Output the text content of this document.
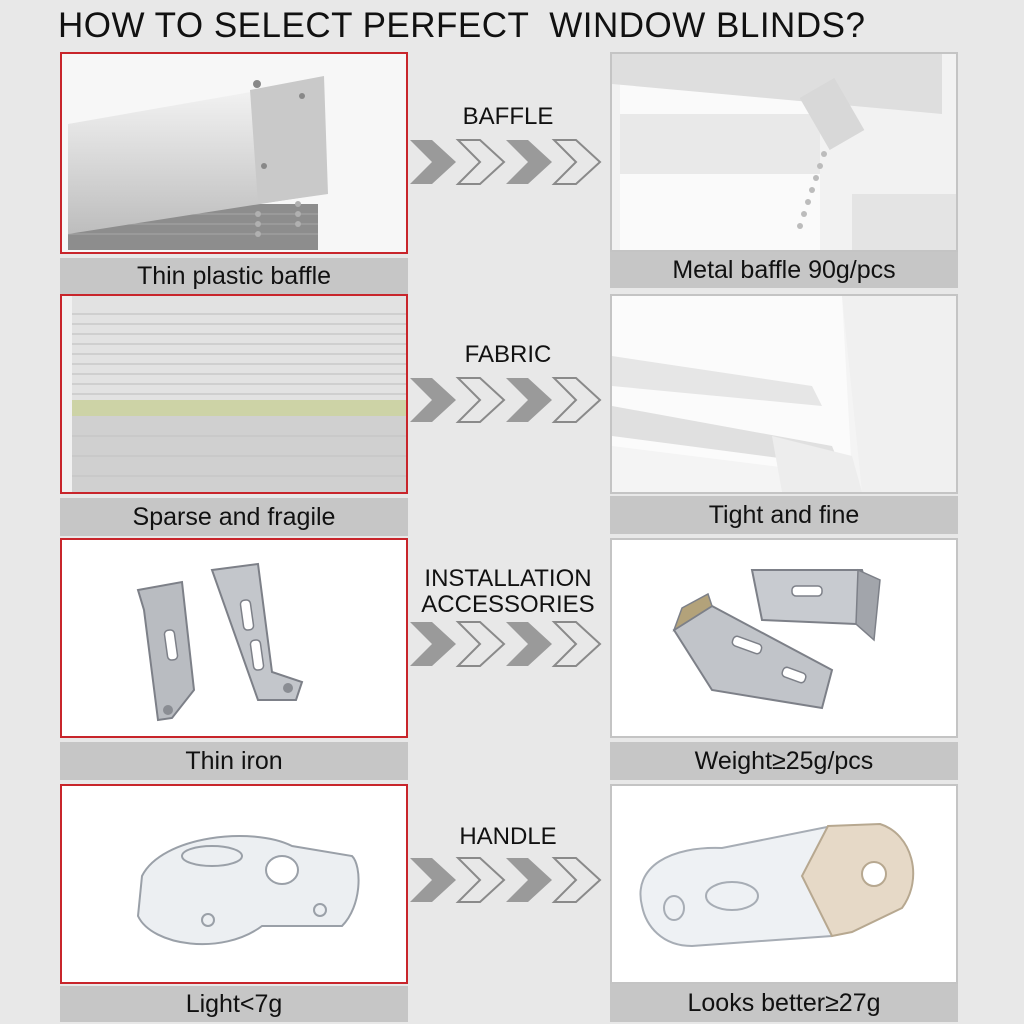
HOW TO SELECT PERFECT  WINDOW BLINDS?
Thin plastic baffle
BAFFLE
Metal baffle 90g/pcs
Sparse and fragile
FABRIC
Tight and fine
Thin iron
INSTALLATION
ACCESSORIES
Weight≥25g/pcs
Light<7g
HANDLE
Looks better≥27g
